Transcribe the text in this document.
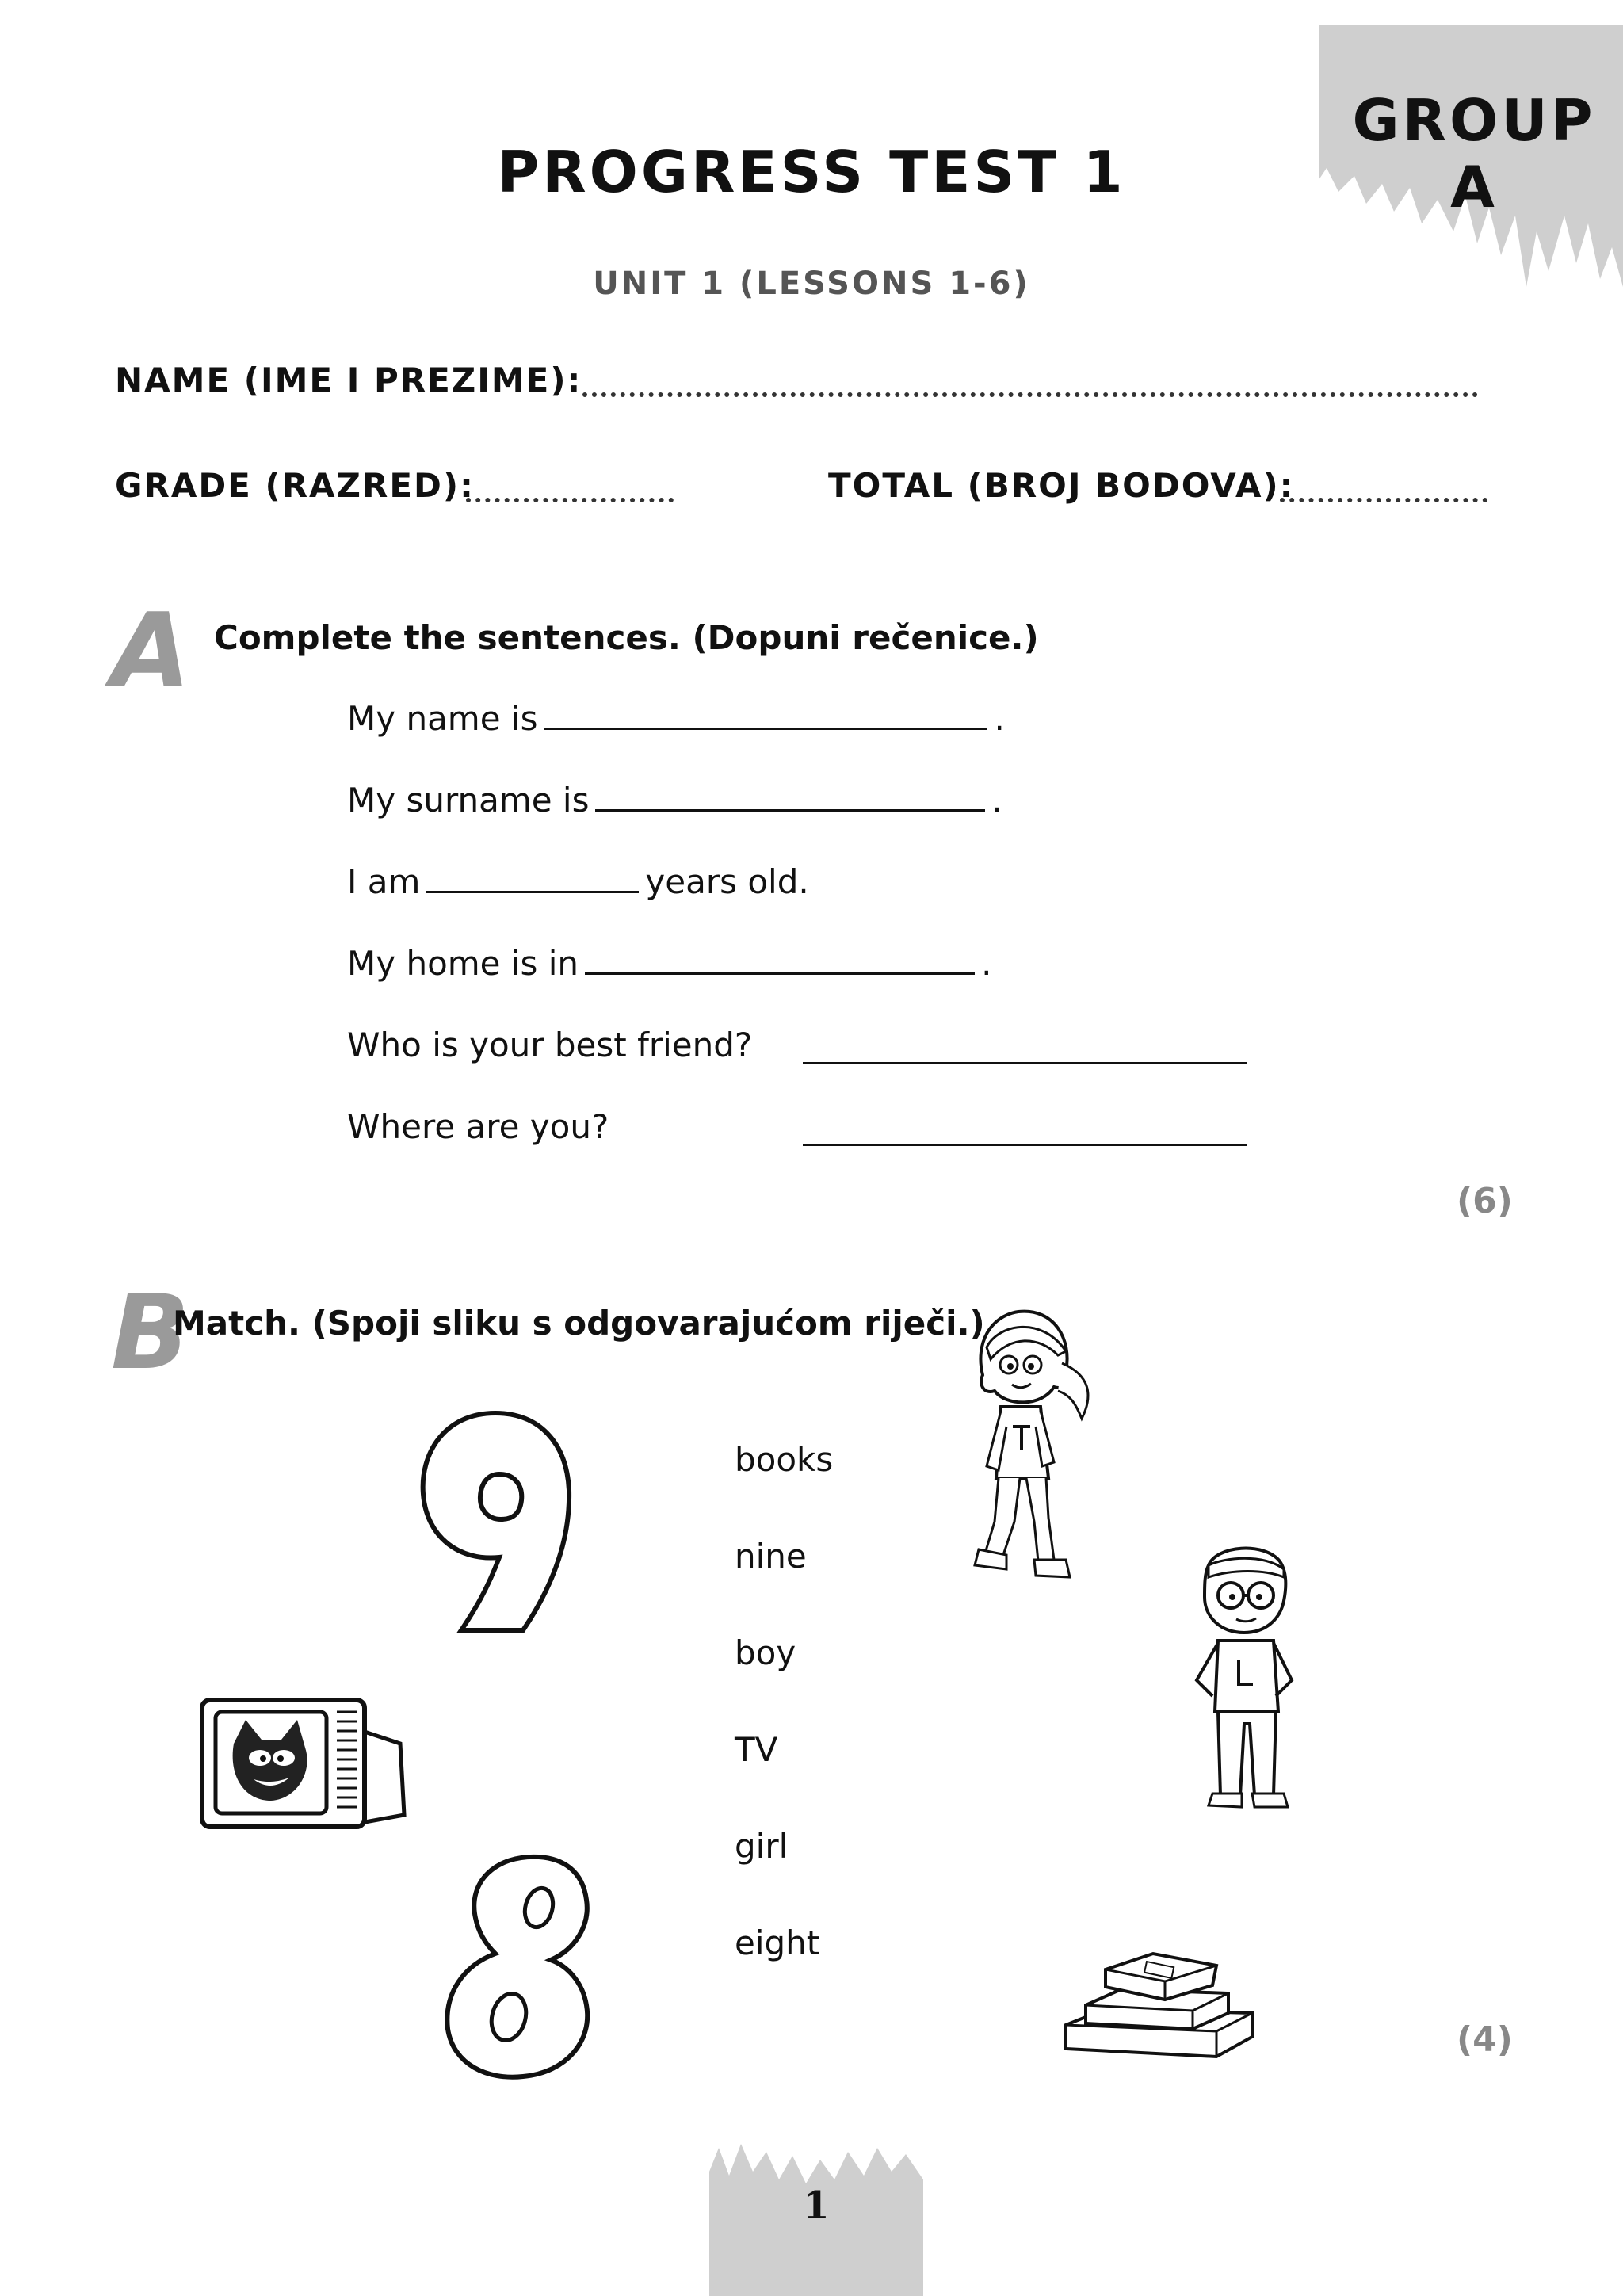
GROUP A
PROGRESS TEST 1
UNIT 1 (LESSONS 1-6)
NAME (IME I PREZIME):
GRADE (RAZRED):	TOTAL (BROJ BODOVA):
A Complete the sentences. (Dopuni rečenice.)
My name is	.
My surname is	.
I am	years old.
My home is in	.
Who is your best friend?
Where are you?
(6)
B
Match. (Spoji sliku s odgovarajućom riječi.)
books
nine
boy
TV
girl
eight
(4)
1
